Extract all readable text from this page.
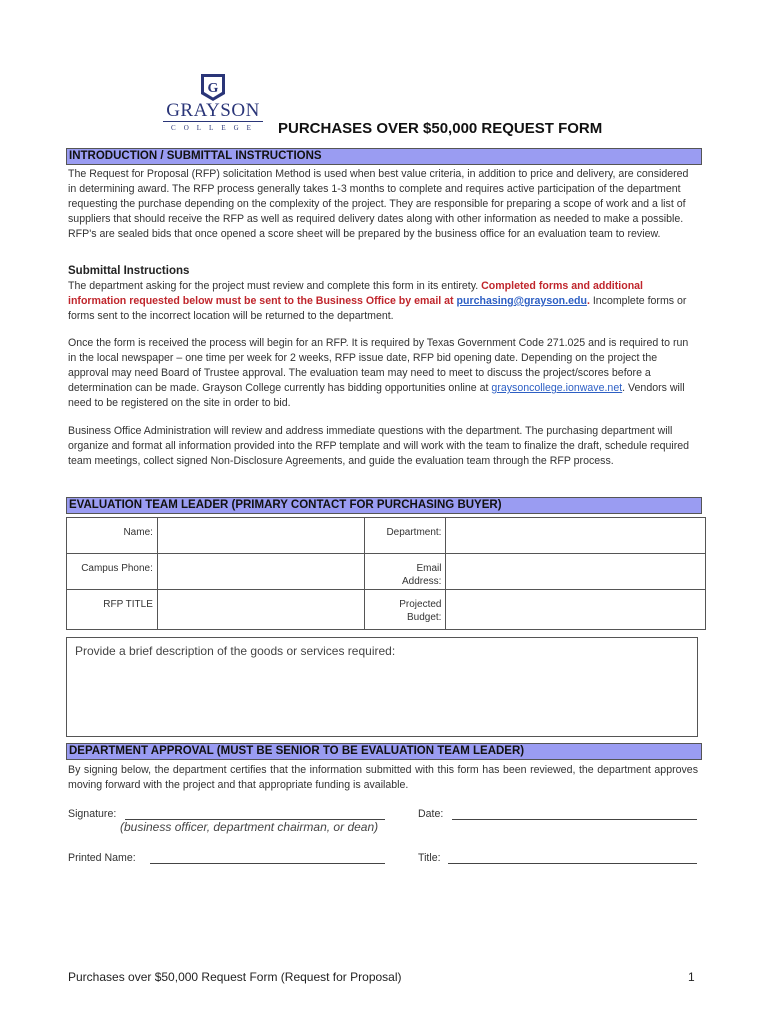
G
GRAYSON
COLLEGE	PURCHASES OVER $50,000 REQUEST FORM
INTRODUCTION / SUBMITTAL INSTRUCTIONS
The Request for Proposal (RFP) solicitation Method is used when best value criteria, in addition to price and delivery, are considered in determining award. The RFP process generally takes 1-3 months to complete and requires active participation of the department requesting the purchase depending on the complexity of the project. They are responsible for preparing a scope of work and a list of suppliers that should receive the RFP as well as required delivery dates along with other information as needed to make a possible. RFP's are sealed bids that once opened a score sheet will be prepared by the business office for an evaluation team to review.
Submittal Instructions
The department asking for the project must review and complete this form in its entirety. Completed forms and additional information requested below must be sent to the Business Office by email at purchasing@grayson.edu. Incomplete forms or forms sent to the incorrect location will be returned to the department.
Once the form is received the process will begin for an RFP. It is required by Texas Government Code 271.025 and is required to run in the local newspaper – one time per week for 2 weeks, RFP issue date, RFP bid opening date. Depending on the project the approval may need Board of Trustee approval. The evaluation team may need to meet to discuss the project/scores before a determination can be made. Grayson College currently has bidding opportunities online at graysoncollege.ionwave.net. Vendors will need to be registered on the site in order to bid.
Business Office Administration will review and address immediate questions with the department. The purchasing department will organize and format all information provided into the RFP template and will work with the team to finalize the draft, schedule required team meetings, collect signed Non-Disclosure Agreements, and guide the evaluation team through the RFP process.
EVALUATION TEAM LEADER (PRIMARY CONTACT FOR PURCHASING BUYER)
Name:		Department:	
Campus Phone:		Email
Address:	
RFP TITLE		Projected
Budget:	
Provide a brief description of the goods or services required:
DEPARTMENT APPROVAL (MUST BE SENIOR TO BE EVALUATION TEAM LEADER)
By signing below, the department certifies that the information submitted with this form has been reviewed, the department approves moving forward with the project and that appropriate funding is available.
Signature:
(business officer, department chairman, or dean)
Date:
Printed Name:	Title:
Purchases over $50,000 Request Form (Request for Proposal)	1
